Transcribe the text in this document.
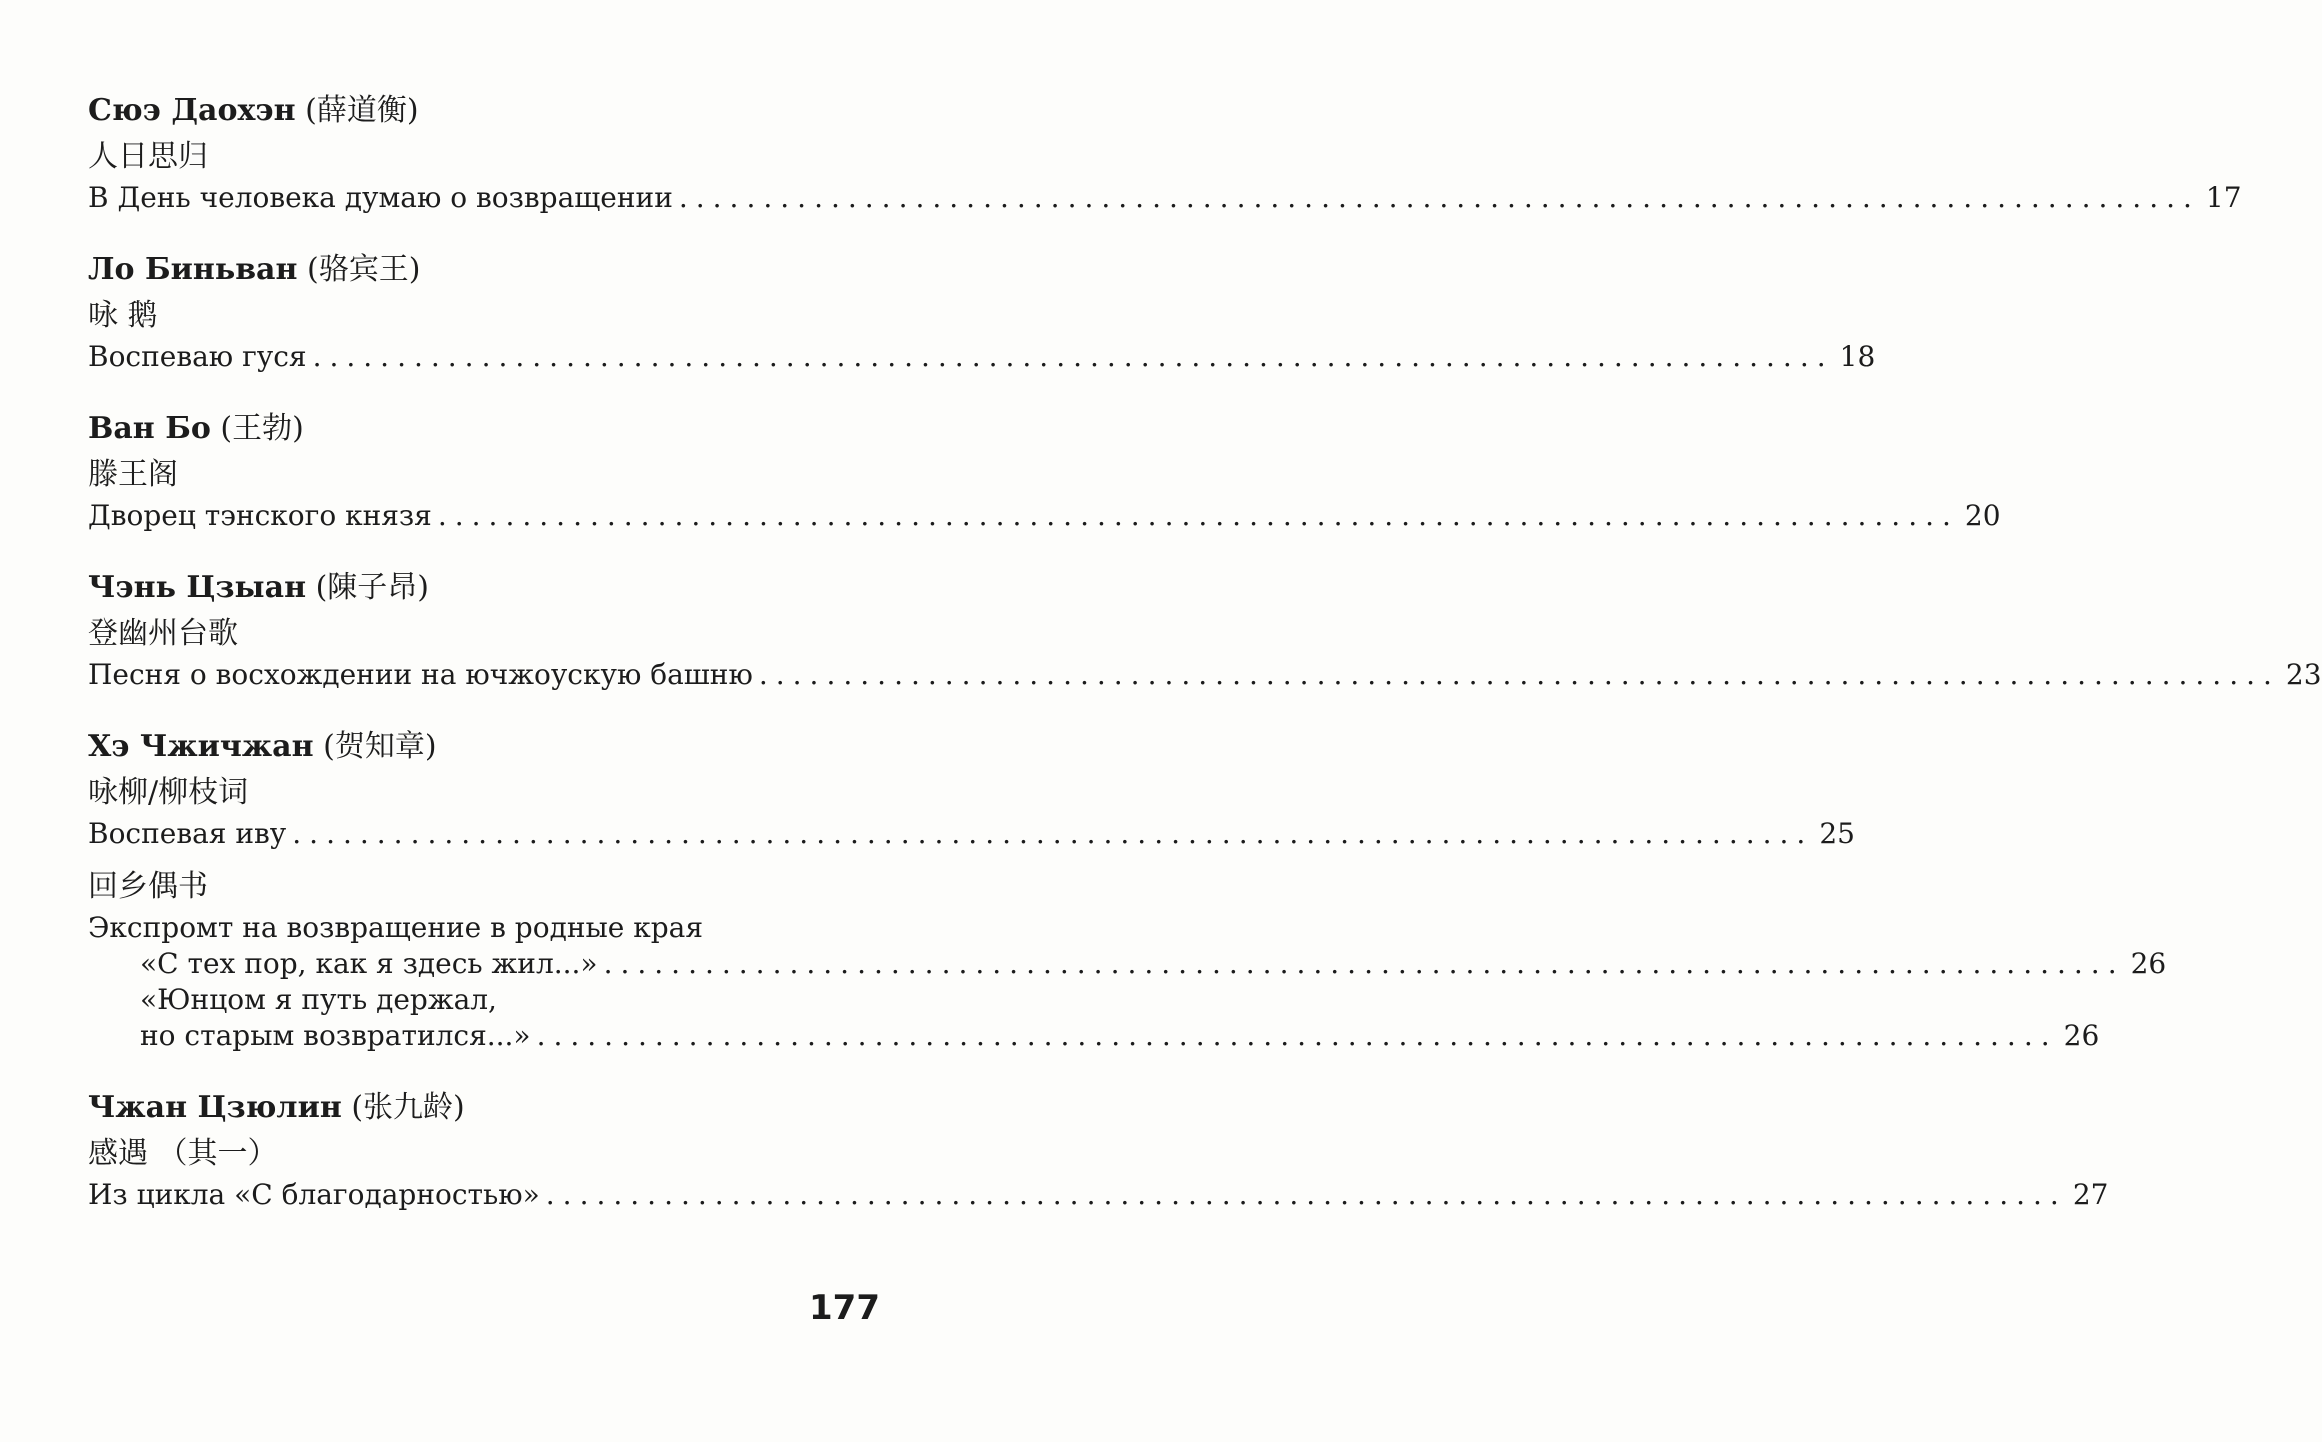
Сюэ Даохэн (薛道衡)
人日思归
В День человека думаю о возвращении .......................................................................................... 17
Ло Биньван (骆宾王)
咏 鹅
Воспеваю гуся .......................................................................................... 18
Ван Бо (王勃)
滕王阁
Дворец тэнского князя .......................................................................................... 20
Чэнь Цзыан (陳子昂)
登幽州台歌
Песня о восхождении на ючжоускую башню .......................................................................................... 23
Хэ Чжичжан (贺知章)
咏柳/柳枝词
Воспевая иву .......................................................................................... 25
回乡偶书
Экспромт на возвращение в родные края
«С тех пор, как я здесь жил...» .......................................................................................... 26
«Юнцом я путь держал,
но старым возвратился...» .......................................................................................... 26
Чжан Цзюлин (张九龄)
感遇 （其一）
Из цикла «С благодарностью» .......................................................................................... 27
177
